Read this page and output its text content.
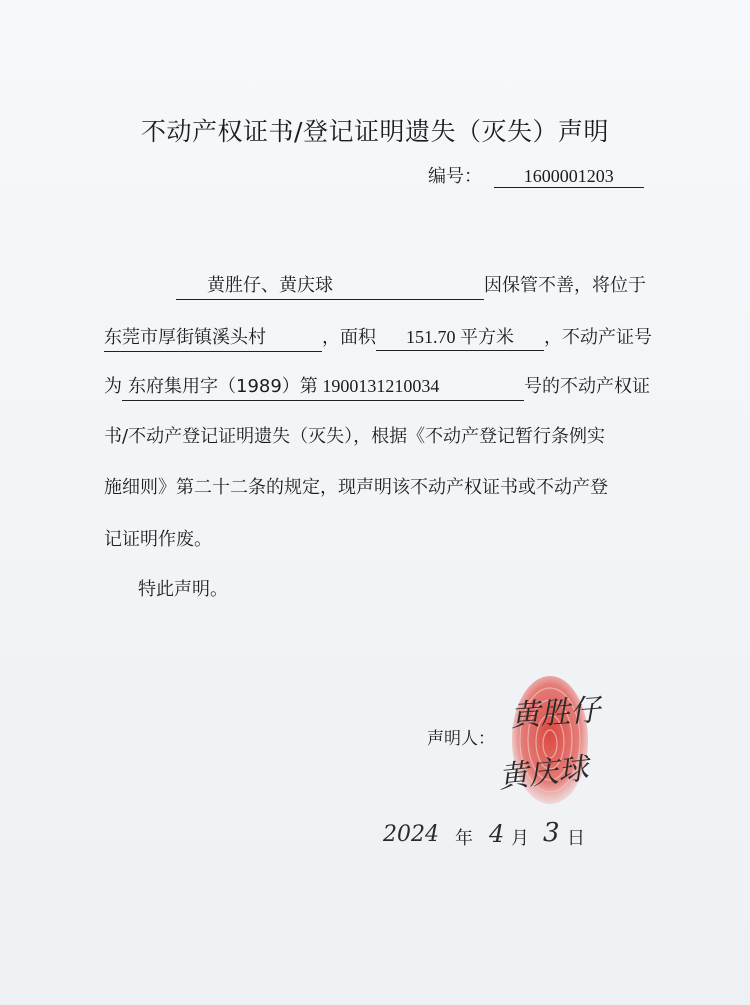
不动产权证书/登记证明遗失（灭失）声明
编号： 1600001203
黄胜仔、黄庆球	因保管不善，将位于
东莞市厚街镇溪头村	，面积 151.70 平方米 ，不动产证号
为 东府集用字（1989）第 1900131210034	号的不动产权证
书/不动产登记证明遗失（灭失），根据《不动产登记暂行条例实
施细则》第二十二条的规定，现声明该不动产权证书或不动产登
记证明作废。
特此声明。
声明人：
黄胜仔
黄庆球
2024 年 4 月 3 日
